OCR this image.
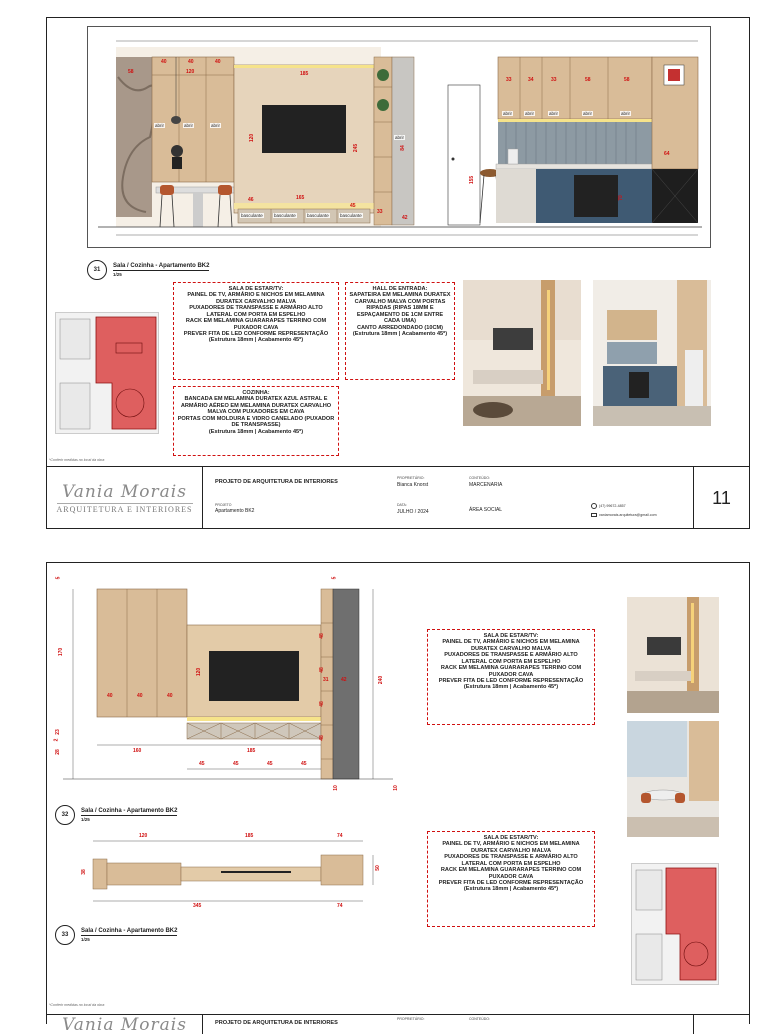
40	40	40
120
58	185
33	34	33	58	58
120
245
46	165
45
42
64
155
70
33
84
abrir	abrir	abrir
abrir
abrir	abrir	abrir	abrir	abrir
basculante basculante basculante basculante
31
Sala / Cozinha - Apartamento BK2
1/25
SALA DE ESTAR/TV:
PAINEL DE TV, ARMÁRIO E NICHOS EM MELAMINA DURATEX CARVALHO MALVA
PUXADORES DE TRANSPASSE E ARMÁRIO ALTO LATERAL COM PORTA EM ESPELHO
RACK EM MELAMINA GUARARAPES TERRINO COM PUXADOR CAVA
PREVER FITA DE LED CONFORME REPRESENTAÇÃO
(Estrutura 18mm | Acabamento 45º)
HALL DE ENTRADA:
SAPATEIRA EM MELAMINA DURATEX CARVALHO MALVA COM PORTAS RIPADAS (RIPAS 18MM E ESPAÇAMENTO DE 1CM ENTRE CADA UMA)
CANTO ARREDONDADO (10CM)
(Estrutura 18mm | Acabamento 45º)
COZINHA:
BANCADA EM MELAMINA DURATEX AZUL ASTRAL E ARMÁRIO AÉREO EM MELAMINA DURATEX CARVALHO MALVA COM PUXADORES EM CAVA
PORTAS COM MOLDURA E VIDRO CANELADO (PUXADOR DE TRANSPASSE)
(Estrutura 18mm | Acabamento 45º)
*Conferir medidas no local da obra
Vania Morais
ARQUITETURA E INTERIORES
PROJETO DE ARQUITETURA DE INTERIORES
PROJETO
Apartamento BK2
PROPRIETÁRIO:
Bianca Knorst
CONTEÚDO:
MARCENARIA
DATA:
JULHO / 2024	ÁREA SOCIAL
(47) 99672-4857
vaniamorais.arquitetura@gmail.com
11
5
170
40	40	40
120
160	185
28
2
23
45	45	45	45
240
42
31
48
48
48
48
5
10	10
32
Sala / Cozinha - Apartamento BK2
1/25
120	185	74
38
345	74
50
33
Sala / Cozinha - Apartamento BK2
1/25
SALA DE ESTAR/TV:
PAINEL DE TV, ARMÁRIO E NICHOS EM MELAMINA DURATEX CARVALHO MALVA
PUXADORES DE TRANSPASSE E ARMÁRIO ALTO LATERAL COM PORTA EM ESPELHO
RACK EM MELAMINA GUARARAPES TERRINO COM PUXADOR CAVA
PREVER FITA DE LED CONFORME REPRESENTAÇÃO
(Estrutura 18mm | Acabamento 45º)
SALA DE ESTAR/TV:
PAINEL DE TV, ARMÁRIO E NICHOS EM MELAMINA DURATEX CARVALHO MALVA
PUXADORES DE TRANSPASSE E ARMÁRIO ALTO LATERAL COM PORTA EM ESPELHO
RACK EM MELAMINA GUARARAPES TERRINO COM PUXADOR CAVA
PREVER FITA DE LED CONFORME REPRESENTAÇÃO
(Estrutura 18mm | Acabamento 45º)
*Conferir medidas no local da obra
Vania Morais	PROJETO DE ARQUITETURA DE INTERIORES
PROPRIETÁRIO:	CONTEÚDO:
